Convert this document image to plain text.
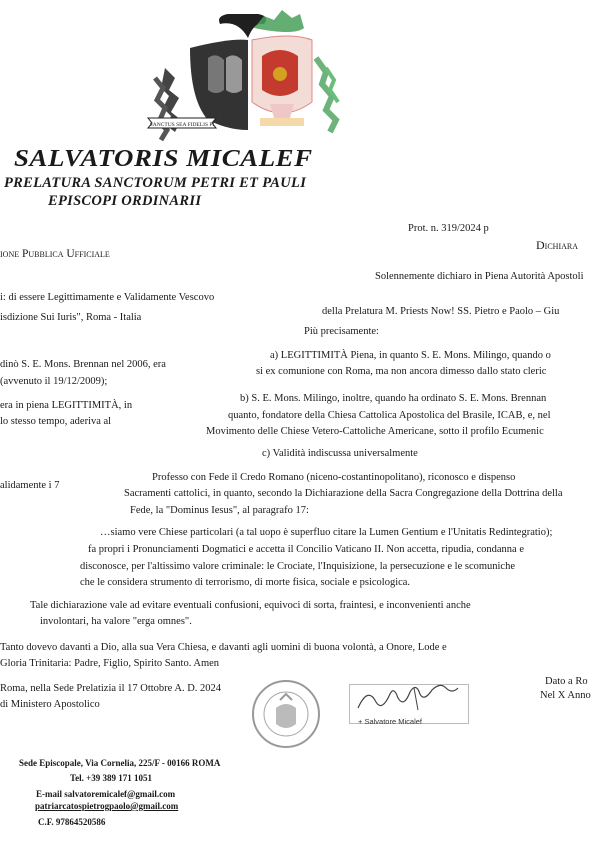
SANCTUS SEA FIDELIS FI
SALVATORIS MICALEF
PRELATURA SANCTORUM PETRI ET PAULI
EPISCOPI ORDINARII
Prot. n. 319/2024 p
ione Pubblica Ufficiale
Dichiara
Solennemente dichiaro in Piena Autorità Apostoli
i: di essere Legittimamente e Validamente Vescovo
della Prelatura M. Priests Now! SS. Pietro e Paolo – Giu
isdizione Sui Iuris", Roma - Italia
Più precisamente:
a) LEGITTIMITÀ Piena, in quanto S. E. Mons. Milingo, quando o
dinò S. E. Mons. Brennan nel 2006, era
si ex comunione con Roma, ma non ancora dimesso dallo stato cleric
(avvenuto il 19/12/2009);
b) S. E. Mons. Milingo, inoltre, quando ha ordinato S. E. Mons. Brennan
era in piena LEGITTIMITÀ, in
quanto, fondatore della Chiesa Cattolica Apostolica del Brasile, ICAB, e, nel
lo stesso tempo, aderiva al
Movimento delle Chiese Vetero-Cattoliche Americane, sotto il profilo Ecumenic
c) Validità indiscussa universalmente
Professo con Fede il Credo Romano (niceno-costantinopolitano), riconosco e dispenso
alidamente i 7
Sacramenti cattolici, in quanto, secondo la Dichiarazione della Sacra Congregazione della Dottrina della
Fede, la "Dominus Iesus", al paragrafo 17:
…siamo vere Chiese particolari (a tal uopo è superfluo citare la Lumen Gentium e l'Unitatis Redintegratio);
fa propri i Pronunciamenti Dogmatici e accetta il Concilio Vaticano II. Non accetta, ripudia, condanna e
disconosce, per l'altissimo valore criminale: le Crociate, l'Inquisizione, la persecuzione e le scomuniche
che le considera strumento di terrorismo, di morte fisica, sociale e psicologica.
Tale dichiarazione vale ad evitare eventuali confusioni, equivoci di sorta, fraintesi, e inconvenienti anche
involontari, ha valore "erga omnes".
Tanto dovevo davanti a Dio, alla sua Vera Chiesa, e davanti agli uomini di buona volontà, a Onore, Lode e
Gloria Trinitaria: Padre, Figlio, Spirito Santo. Amen
Dato a Ro
Roma, nella Sede Prelatizia il 17 Ottobre A. D. 2024
Nel X Anno
di Ministero Apostolico
+ Salvatore Micalef
Sede Episcopale, Via Cornelia, 225/F - 00166 ROMA
Tel. +39 389 171 1051
E-mail salvatoremicalef@gmail.com
patriarcatospietrogpaolo@gmail.com
C.F. 97864520586
